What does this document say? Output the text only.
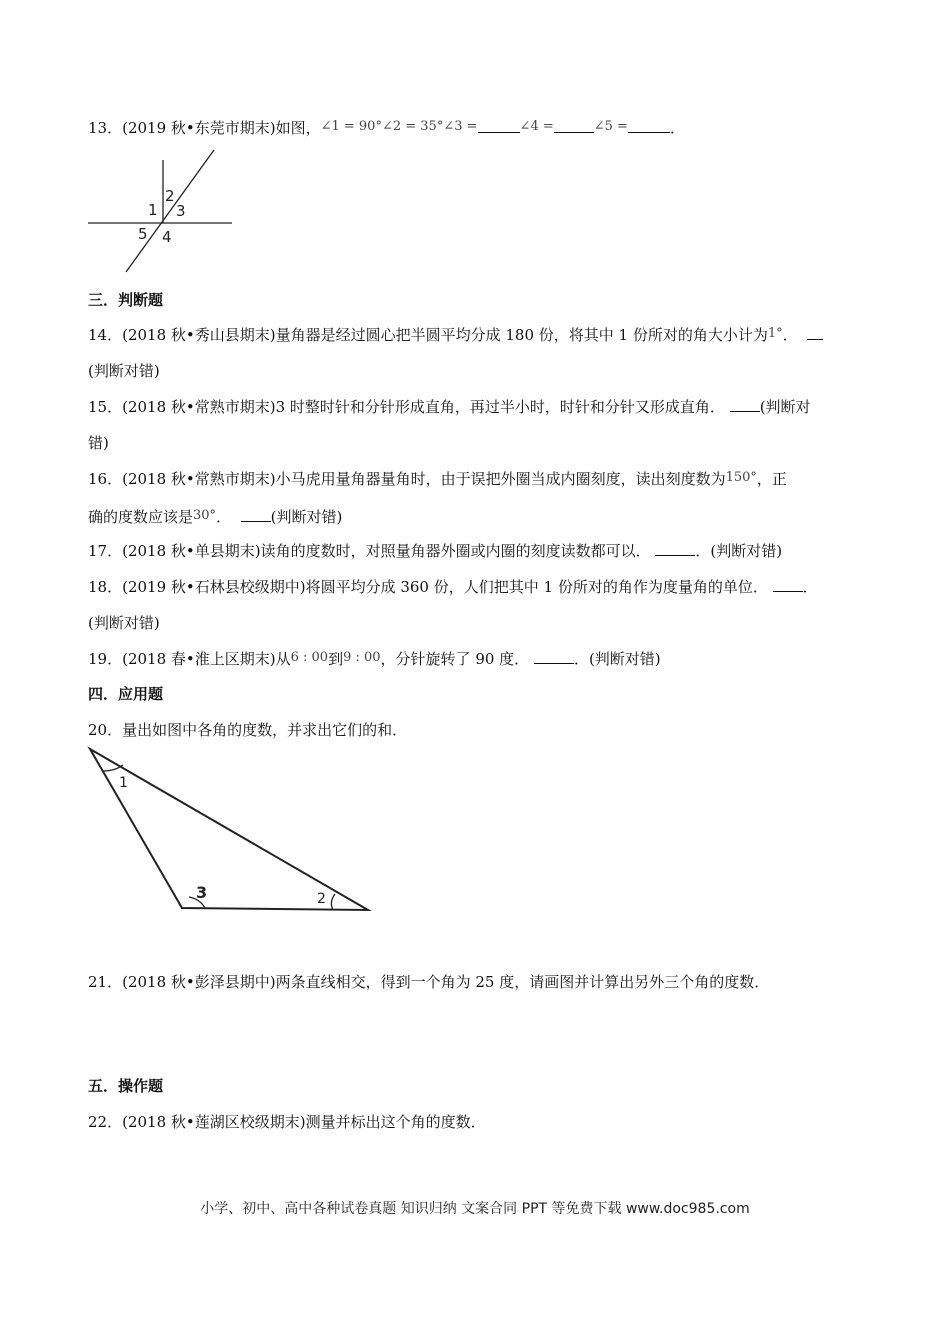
13．(2019 秋•东莞市期末)如图，∠1 = 90°∠2 = 35°∠3 =	∠4 =	∠5 =	．
1
2
3
5 4
三．判断题
14．(2018 秋•秀山县期末)量角器是经过圆心把半圆平均分成 180 份，将其中 1 份所对的角大小计为1°．
(判断对错)
15．(2018 秋•常熟市期末)3 时整时针和分针形成直角，再过半小时，时针和分针又形成直角． (判断对
错)
16．(2018 秋•常熟市期末)小马虎用量角器量角时，由于误把外圈当成内圈刻度，读出刻度数为150°，正
确的度数应该是30°．	(判断对错)
17．(2018 秋•单县期末)读角的度数时，对照量角器外圈或内圈的刻度读数都可以．	．(判断对错)
18．(2019 秋•石林县校级期中)将圆平均分成 360 份，人们把其中 1 份所对的角作为度量角的单位． ．
(判断对错)
19．(2018 春•淮上区期末)从6 : 00到9 : 00，分针旋转了 90 度．	．(判断对错)
四．应用题
20．量出如图中各角的度数，并求出它们的和．
1
3	2
21．(2018 秋•彭泽县期中)两条直线相交，得到一个角为 25 度，请画图并计算出另外三个角的度数．
五．操作题
22．(2018 秋•莲湖区校级期末)测量并标出这个角的度数．
小学、初中、高中各种试卷真题 知识归纳 文案合同 PPT 等免费下载 www.doc985.com
